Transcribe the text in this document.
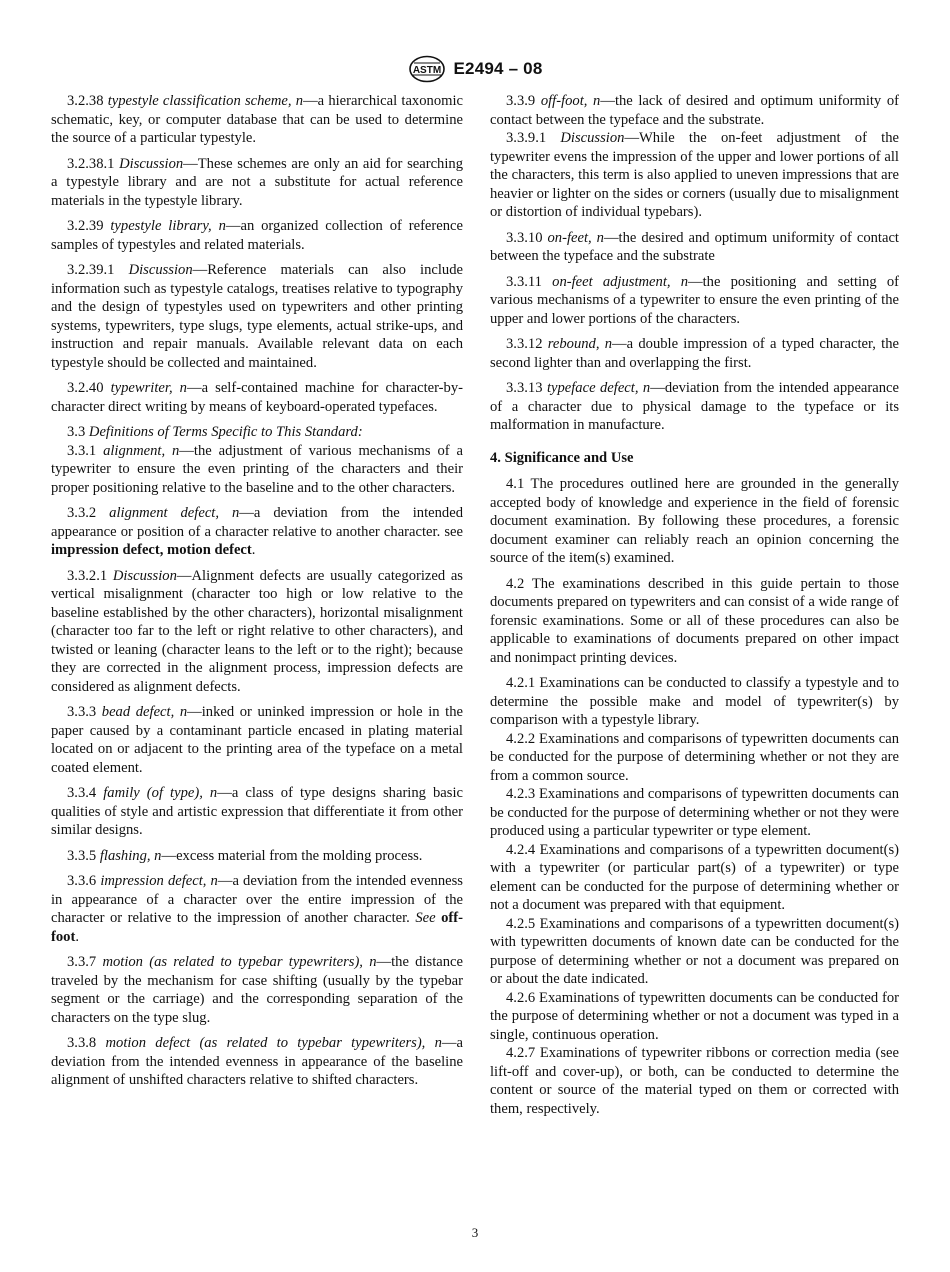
ASTM E2494 – 08

3.2.38 typestyle classification scheme, n—a hierarchical taxonomic schematic, key, or computer database that can be used to determine the source of a particular typestyle.

3.2.38.1 Discussion—These schemes are only an aid for searching a typestyle library and are not a substitute for actual reference materials in the typestyle library.

3.2.39 typestyle library, n—an organized collection of reference samples of typestyles and related materials.

3.2.39.1 Discussion—Reference materials can also include information such as typestyle catalogs, treatises relative to typography and the design of typestyles used on typewriters and other printing systems, typewriters, type slugs, type elements, actual strike-ups, and instruction and repair manuals. Available relevant data on each typestyle should be collected and maintained.

3.2.40 typewriter, n—a self-contained machine for character-by-character direct writing by means of keyboard-operated typefaces.

3.3 Definitions of Terms Specific to This Standard:

3.3.1 alignment, n—the adjustment of various mechanisms of a typewriter to ensure the even printing of the characters and their proper positioning relative to the baseline and to the other characters.

3.3.2 alignment defect, n—a deviation from the intended appearance or position of a character relative to another character. see impression defect, motion defect.

3.3.2.1 Discussion—Alignment defects are usually categorized as vertical misalignment (character too high or low relative to the baseline established by the other characters), horizontal misalignment (character too far to the left or right relative to other characters), and twisted or leaning (character leans to the left or to the right); because they are corrected in the alignment process, impression defects are considered as alignment defects.

3.3.3 bead defect, n—inked or uninked impression or hole in the paper caused by a contaminant particle encased in plating material located on or adjacent to the printing area of the typeface on a metal coated element.

3.3.4 family (of type), n—a class of type designs sharing basic qualities of style and artistic expression that differentiate it from other similar designs.

3.3.5 flashing, n—excess material from the molding process.

3.3.6 impression defect, n—a deviation from the intended evenness in appearance of a character over the entire impression of the character or relative to the impression of another character. See off-foot.

3.3.7 motion (as related to typebar typewriters), n—the distance traveled by the mechanism for case shifting (usually by the typebar segment or the carriage) and the corresponding separation of the characters on the type slug.

3.3.8 motion defect (as related to typebar typewriters), n—a deviation from the intended evenness in appearance of the baseline alignment of unshifted characters relative to shifted characters.

3.3.9 off-foot, n—the lack of desired and optimum uniformity of contact between the typeface and the substrate.

3.3.9.1 Discussion—While the on-feet adjustment of the typewriter evens the impression of the upper and lower portions of all the characters, this term is also applied to uneven impressions that are heavier or lighter on the sides or corners (usually due to misalignment or distortion of individual typebars).

3.3.10 on-feet, n—the desired and optimum uniformity of contact between the typeface and the substrate

3.3.11 on-feet adjustment, n—the positioning and setting of various mechanisms of a typewriter to ensure the even printing of the upper and lower portions of the characters.

3.3.12 rebound, n—a double impression of a typed character, the second lighter than and overlapping the first.

3.3.13 typeface defect, n—deviation from the intended appearance of a character due to physical damage to the typeface or its malformation in manufacture.

4. Significance and Use

4.1 The procedures outlined here are grounded in the generally accepted body of knowledge and experience in the field of forensic document examination. By following these procedures, a forensic document examiner can reliably reach an opinion concerning the source of the item(s) examined.

4.2 The examinations described in this guide pertain to those documents prepared on typewriters and can consist of a wide range of forensic examinations. Some or all of these procedures can also be applicable to examinations of documents prepared on other impact and nonimpact printing devices.

4.2.1 Examinations can be conducted to classify a typestyle and to determine the possible make and model of typewriter(s) by comparison with a typestyle library.

4.2.2 Examinations and comparisons of typewritten documents can be conducted for the purpose of determining whether or not they are from a common source.

4.2.3 Examinations and comparisons of typewritten documents can be conducted for the purpose of determining whether or not they were produced using a particular typewriter or type element.

4.2.4 Examinations and comparisons of a typewritten document(s) with a typewriter (or particular part(s) of a typewriter) or type element can be conducted for the purpose of determining whether or not a document was prepared with that equipment.

4.2.5 Examinations and comparisons of a typewritten document(s) with typewritten documents of known date can be conducted for the purpose of determining whether or not a document was prepared on or about the date indicated.

4.2.6 Examinations of typewritten documents can be conducted for the purpose of determining whether or not a document was typed in a single, continuous operation.

4.2.7 Examinations of typewriter ribbons or correction media (see lift-off and cover-up), or both, can be conducted to determine the content or source of the material typed on them or corrected with them, respectively.

3
